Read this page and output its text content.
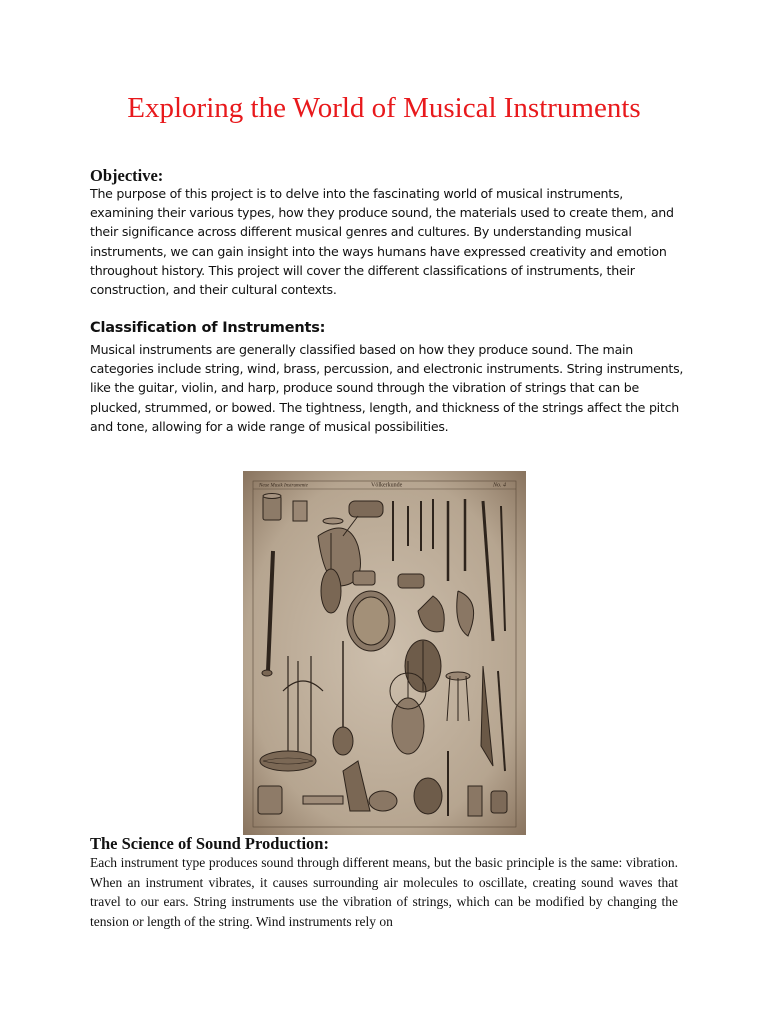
Exploring the World of Musical Instruments
Objective:

The purpose of this project is to delve into the fascinating world of musical instruments, examining their various types, how they produce sound, the materials used to create them, and their significance across different musical genres and cultures. By understanding musical instruments, we can gain insight into the ways humans have expressed creativity and emotion throughout history. This project will cover the different classifications of instruments, their construction, and their cultural contexts.

Classification of Instruments:

Musical instruments are generally classified based on how they produce sound. The main categories include string, wind, brass, percussion, and electronic instruments. String instruments, like the guitar, violin, and harp, produce sound through the vibration of strings that can be plucked, strummed, or bowed. The tightness, length, and thickness of the strings affect the pitch and tone, allowing for a wide range of musical possibilities.

Neue Musik Instrumente	Völkerkunde	No. 4
The Science of Sound Production:

Each instrument type produces sound through different means, but the basic principle is the same: vibration. When an instrument vibrates, it causes surrounding air molecules to oscillate, creating sound waves that travel to our ears. String instruments use the vibration of strings, which can be modified by changing the tension or length of the string. Wind instruments rely on
